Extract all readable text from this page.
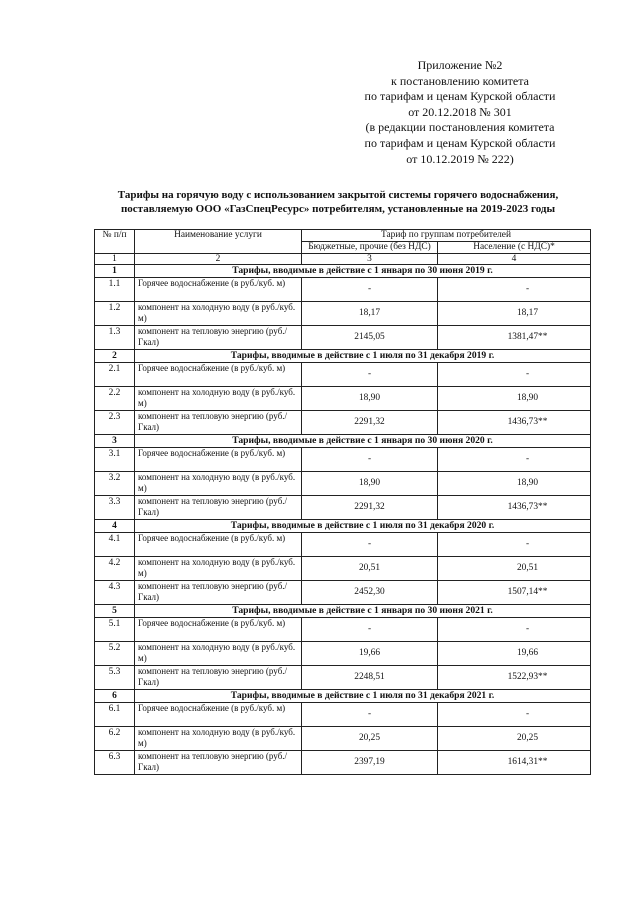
Приложение №2
к постановлению комитета
по тарифам и ценам Курской области
от 20.12.2018 № 301
(в редакции постановления комитета
по тарифам и ценам Курской области
от 10.12.2019 № 222)
Тарифы на горячую воду с использованием закрытой системы горячего водоснабжения,
поставляемую ООО «ГазСпецРесурс» потребителям, установленные на 2019-2023 годы
№ п/п	Наименование услуги	Тариф по группам потребителей	
		Бюджетные, прочие (без НДС)	Население (с НДС)*
1	2	3	4
1	Тарифы, вводимые в действие с 1 января по 30 июня 2019 г.		
1.1	Горячее водоснабжение (в руб./куб. м)	-	-
1.2	компонент на холодную воду (в руб./куб. м)	18,17	18,17
1.3	компонент на тепловую энергию (руб./Гкал)	2145,05	1381,47**
2	Тарифы, вводимые в действие с 1 июля по 31 декабря 2019 г.		
2.1	Горячее водоснабжение (в руб./куб. м)	-	-
2.2	компонент на холодную воду (в руб./куб. м)	18,90	18,90
2.3	компонент на тепловую энергию (руб./Гкал)	2291,32	1436,73**
3	Тарифы, вводимые в действие с 1 января по 30 июня 2020 г.		
3.1	Горячее водоснабжение (в руб./куб. м)	-	-
3.2	компонент на холодную воду (в руб./куб. м)	18,90	18,90
3.3	компонент на тепловую энергию (руб./Гкал)	2291,32	1436,73**
4	Тарифы, вводимые в действие с 1 июля по 31 декабря 2020 г.		
4.1	Горячее водоснабжение (в руб./куб. м)	-	-
4.2	компонент на холодную воду (в руб./куб. м)	20,51	20,51
4.3	компонент на тепловую энергию (руб./Гкал)	2452,30	1507,14**
5	Тарифы, вводимые в действие с 1 января по 30 июня 2021 г.		
5.1	Горячее водоснабжение (в руб./куб. м)	-	-
5.2	компонент на холодную воду (в руб./куб. м)	19,66	19,66
5.3	компонент на тепловую энергию (руб./Гкал)	2248,51	1522,93**
6	Тарифы, вводимые в действие с 1 июля по 31 декабря 2021 г.		
6.1	Горячее водоснабжение (в руб./куб. м)	-	-
6.2	компонент на холодную воду (в руб./куб. м)	20,25	20,25
6.3	компонент на тепловую энергию (руб./Гкал)	2397,19	1614,31**
